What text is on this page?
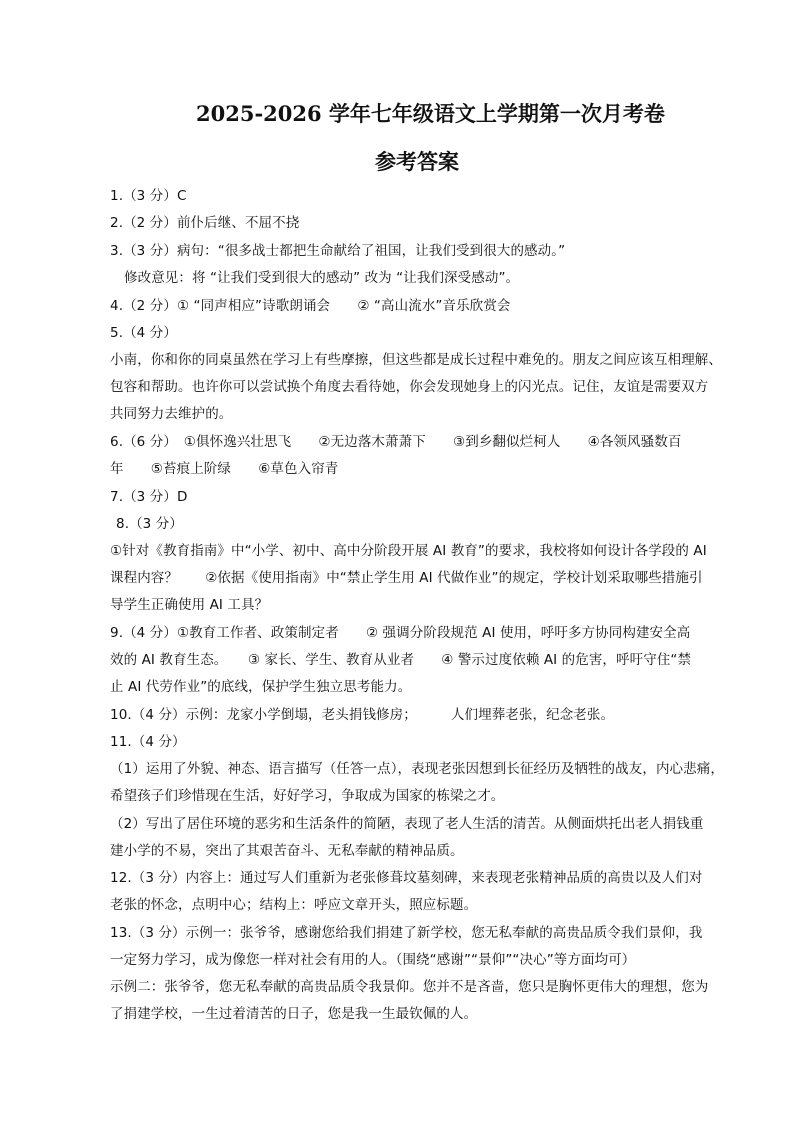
2025-2026 学年七年级语文上学期第一次月考卷
参考答案
1.（3 分）C
2.（2 分）前仆后继、不屈不挠
3.（3 分）病句：“很多战士都把生命献给了祖国，让我们受到很大的感动。”
修改意见：将 “让我们受到很大的感动” 改为 “让我们深受感动”。
4.（2 分）① “同声相应”诗歌朗诵会　　② “高山流水”音乐欣赏会
5.（4 分）
小南，你和你的同桌虽然在学习上有些摩擦，但这些都是成长过程中难免的。朋友之间应该互相理解、
包容和帮助。也许你可以尝试换个角度去看待她，你会发现她身上的闪光点。记住，友谊是需要双方
共同努力去维护的。
6.（6 分）　①俱怀逸兴壮思飞　　②无边落木萧萧下　　③到乡翻似烂柯人　　④各领风骚数百
年　　⑤苔痕上阶绿　　⑥草色入帘青
7.（3 分）D
8.（3 分）
①针对《教育指南》中“小学、初中、高中分阶段开展 AI 教育”的要求，我校将如何设计各学段的 AI
课程内容？　　②依据《使用指南》中“禁止学生用 AI 代做作业”的规定，学校计划采取哪些措施引
导学生正确使用 AI 工具？
9.（4 分）①教育工作者、政策制定者　　② 强调分阶段规范 AI 使用，呼吁多方协同构建安全高
效的 AI 教育生态。　　③ 家长、学生、教育从业者　　④ 警示过度依赖 AI 的危害，呼吁守住“禁
止 AI 代劳作业”的底线，保护学生独立思考能力。
10.（4 分）示例：龙家小学倒塌，老头捐钱修房；　　　人们埋葬老张，纪念老张。
11.（4 分）
（1）运用了外貌、神态、语言描写（任答一点），表现老张因想到长征经历及牺牲的战友，内心悲痛，
希望孩子们珍惜现在生活，好好学习，争取成为国家的栋梁之才。
（2）写出了居住环境的恶劣和生活条件的简陋，表现了老人生活的清苦。从侧面烘托出老人捐钱重
建小学的不易，突出了其艰苦奋斗、无私奉献的精神品质。
12.（3 分）内容上：通过写人们重新为老张修葺坟墓刻碑，来表现老张精神品质的高贵以及人们对
老张的怀念，点明中心；结构上：呼应文章开头，照应标题。
13.（3 分）示例一：张爷爷，感谢您给我们捐建了新学校，您无私奉献的高贵品质令我们景仰，我
一定努力学习，成为像您一样对社会有用的人。（围绕“感谢”“景仰”“决心”等方面均可）
示例二：张爷爷，您无私奉献的高贵品质令我景仰。您并不是吝啬，您只是胸怀更伟大的理想，您为
了捐建学校，一生过着清苦的日子，您是我一生最钦佩的人。
